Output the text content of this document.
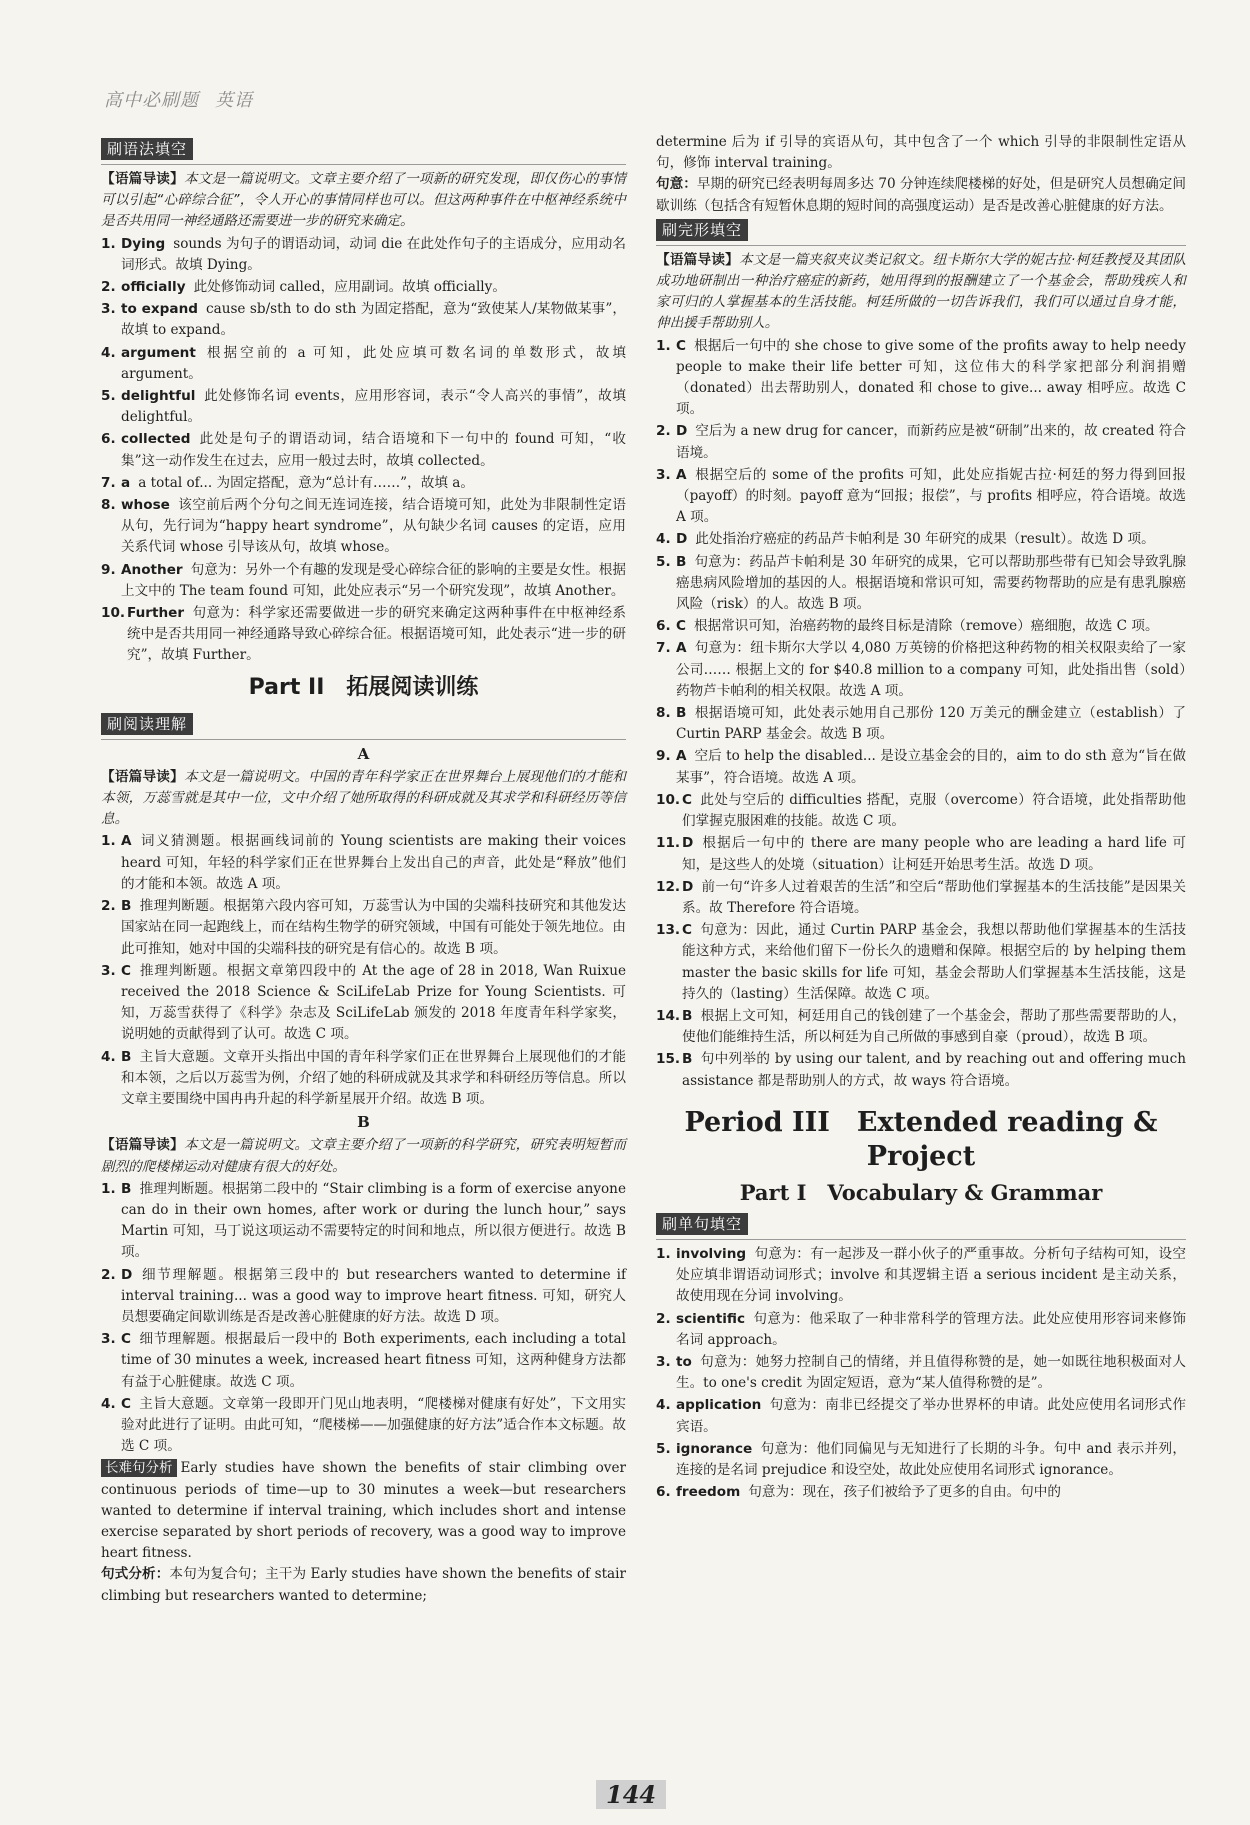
高中必刷题 英语
刷语法填空
【语篇导读】本文是一篇说明文。文章主要介绍了一项新的研究发现，即仅伤心的事情可以引起“心碎综合征”，令人开心的事情同样也可以。但这两种事件在中枢神经系统中是否共用同一神经通路还需要进一步的研究来确定。
1. Dying sounds 为句子的谓语动词，动词 die 在此处作句子的主语成分，应用动名词形式。故填 Dying。
2. officially 此处修饰动词 called，应用副词。故填 officially。
3. to expand cause sb/sth to do sth 为固定搭配，意为“致使某人/某物做某事”，故填 to expand。
4. argument 根据空前的 a 可知，此处应填可数名词的单数形式，故填 argument。
5. delightful 此处修饰名词 events，应用形容词，表示“令人高兴的事情”，故填 delightful。
6. collected 此处是句子的谓语动词，结合语境和下一句中的 found 可知，“收集”这一动作发生在过去，应用一般过去时，故填 collected。
7. a a total of... 为固定搭配，意为“总计有……”，故填 a。
8. whose 该空前后两个分句之间无连词连接，结合语境可知，此处为非限制性定语从句，先行词为“happy heart syndrome”，从句缺少名词 causes 的定语，应用关系代词 whose 引导该从句，故填 whose。
9. Another 句意为：另外一个有趣的发现是受心碎综合征的影响的主要是女性。根据上文中的 The team found 可知，此处应表示“另一个研究发现”，故填 Another。
10. Further 句意为：科学家还需要做进一步的研究来确定这两种事件在中枢神经系统中是否共用同一神经通路导致心碎综合征。根据语境可知，此处表示“进一步的研究”，故填 Further。
Part II　拓展阅读训练
刷阅读理解
A
【语篇导读】本文是一篇说明文。中国的青年科学家正在世界舞台上展现他们的才能和本领，万蕊雪就是其中一位，文中介绍了她所取得的科研成就及其求学和科研经历等信息。
1. A 词义猜测题。根据画线词前的 Young scientists are making their voices heard 可知，年轻的科学家们正在世界舞台上发出自己的声音，此处是“释放”他们的才能和本领。故选 A 项。
2. B 推理判断题。根据第六段内容可知，万蕊雪认为中国的尖端科技研究和其他发达国家站在同一起跑线上，而在结构生物学的研究领域，中国有可能处于领先地位。由此可推知，她对中国的尖端科技的研究是有信心的。故选 B 项。
3. C 推理判断题。根据文章第四段中的 At the age of 28 in 2018, Wan Ruixue received the 2018 Science & SciLifeLab Prize for Young Scientists. 可知，万蕊雪获得了《科学》杂志及 SciLifeLab 颁发的 2018 年度青年科学家奖，说明她的贡献得到了认可。故选 C 项。
4. B 主旨大意题。文章开头指出中国的青年科学家们正在世界舞台上展现他们的才能和本领，之后以万蕊雪为例，介绍了她的科研成就及其求学和科研经历等信息。所以文章主要围绕中国冉冉升起的科学新星展开介绍。故选 B 项。
B
【语篇导读】本文是一篇说明文。文章主要介绍了一项新的科学研究，研究表明短暂而剧烈的爬楼梯运动对健康有很大的好处。
1. B 推理判断题。根据第二段中的 “Stair climbing is a form of exercise anyone can do in their own homes, after work or during the lunch hour,” says Martin 可知，马丁说这项运动不需要特定的时间和地点，所以很方便进行。故选 B 项。
2. D 细节理解题。根据第三段中的 but researchers wanted to determine if interval training... was a good way to improve heart fitness. 可知，研究人员想要确定间歇训练是否是改善心脏健康的好方法。故选 D 项。
3. C 细节理解题。根据最后一段中的 Both experiments, each including a total time of 30 minutes a week, increased heart fitness 可知，这两种健身方法都有益于心脏健康。故选 C 项。
4. C 主旨大意题。文章第一段即开门见山地表明，“爬楼梯对健康有好处”，下文用实验对此进行了证明。由此可知，“爬楼梯——加强健康的好方法”适合作本文标题。故选 C 项。
长难句分析 Early studies have shown the benefits of stair climbing over continuous periods of time—up to 30 minutes a week—but researchers wanted to determine if interval training, which includes short and intense exercise separated by short periods of recovery, was a good way to improve heart fitness.
句式分析：本句为复合句；主干为 Early studies have shown the benefits of stair climbing but researchers wanted to determine;
determine 后为 if 引导的宾语从句，其中包含了一个 which 引导的非限制性定语从句，修饰 interval training。
句意：早期的研究已经表明每周多达 70 分钟连续爬楼梯的好处，但是研究人员想确定间歇训练（包括含有短暂休息期的短时间的高强度运动）是否是改善心脏健康的好方法。
刷完形填空
【语篇导读】本文是一篇夹叙夹议类记叙文。纽卡斯尔大学的妮古拉·柯廷教授及其团队成功地研制出一种治疗癌症的新药，她用得到的报酬建立了一个基金会，帮助残疾人和家可归的人掌握基本的生活技能。柯廷所做的一切告诉我们，我们可以通过自身才能，伸出援手帮助别人。
1. C 根据后一句中的 she chose to give some of the profits away to help needy people to make their life better 可知，这位伟大的科学家把部分利润捐赠（donated）出去帮助别人，donated 和 chose to give... away 相呼应。故选 C 项。
2. D 空后为 a new drug for cancer，而新药应是被“研制”出来的，故 created 符合语境。
3. A 根据空后的 some of the profits 可知，此处应指妮古拉·柯廷的努力得到回报（payoff）的时刻。payoff 意为“回报；报偿”，与 profits 相呼应，符合语境。故选 A 项。
4. D 此处指治疗癌症的药品芦卡帕利是 30 年研究的成果（result）。故选 D 项。
5. B 句意为：药品芦卡帕利是 30 年研究的成果，它可以帮助那些带有已知会导致乳腺癌患病风险增加的基因的人。根据语境和常识可知，需要药物帮助的应是有患乳腺癌风险（risk）的人。故选 B 项。
6. C 根据常识可知，治癌药物的最终目标是清除（remove）癌细胞，故选 C 项。
7. A 句意为：纽卡斯尔大学以 4,080 万英镑的价格把这种药物的相关权限卖给了一家公司…… 根据上文的 for $40.8 million to a company 可知，此处指出售（sold）药物芦卡帕利的相关权限。故选 A 项。
8. B 根据语境可知，此处表示她用自己那份 120 万美元的酬金建立（establish）了 Curtin PARP 基金会。故选 B 项。
9. A 空后 to help the disabled... 是设立基金会的目的，aim to do sth 意为“旨在做某事”，符合语境。故选 A 项。
10. C 此处与空后的 difficulties 搭配，克服（overcome）符合语境，此处指帮助他们掌握克服困难的技能。故选 C 项。
11. D 根据后一句中的 there are many people who are leading a hard life 可知，是这些人的处境（situation）让柯廷开始思考生活。故选 D 项。
12. D 前一句“许多人过着艰苦的生活”和空后“帮助他们掌握基本的生活技能”是因果关系。故 Therefore 符合语境。
13. C 句意为：因此，通过 Curtin PARP 基金会，我想以帮助他们掌握基本的生活技能这种方式，来给他们留下一份长久的遗赠和保障。根据空后的 by helping them master the basic skills for life 可知，基金会帮助人们掌握基本生活技能，这是持久的（lasting）生活保障。故选 C 项。
14. B 根据上文可知，柯廷用自己的钱创建了一个基金会，帮助了那些需要帮助的人，使他们能维持生活，所以柯廷为自己所做的事感到自豪（proud），故选 B 项。
15. B 句中列举的 by using our talent, and by reaching out and offering much assistance 都是帮助别人的方式，故 ways 符合语境。
Period III　Extended reading & Project
Part I　Vocabulary & Grammar
刷单句填空
1. involving 句意为：有一起涉及一群小伙子的严重事故。分析句子结构可知，设空处应填非谓语动词形式；involve 和其逻辑主语 a serious incident 是主动关系，故使用现在分词 involving。
2. scientific 句意为：他采取了一种非常科学的管理方法。此处应使用形容词来修饰名词 approach。
3. to 句意为：她努力控制自己的情绪，并且值得称赞的是，她一如既往地积极面对人生。to one's credit 为固定短语，意为“某人值得称赞的是”。
4. application 句意为：南非已经提交了举办世界杯的申请。此处应使用名词形式作宾语。
5. ignorance 句意为：他们同偏见与无知进行了长期的斗争。句中 and 表示并列，连接的是名词 prejudice 和设空处，故此处应使用名词形式 ignorance。
6. freedom 句意为：现在，孩子们被给予了更多的自由。句中的
144
